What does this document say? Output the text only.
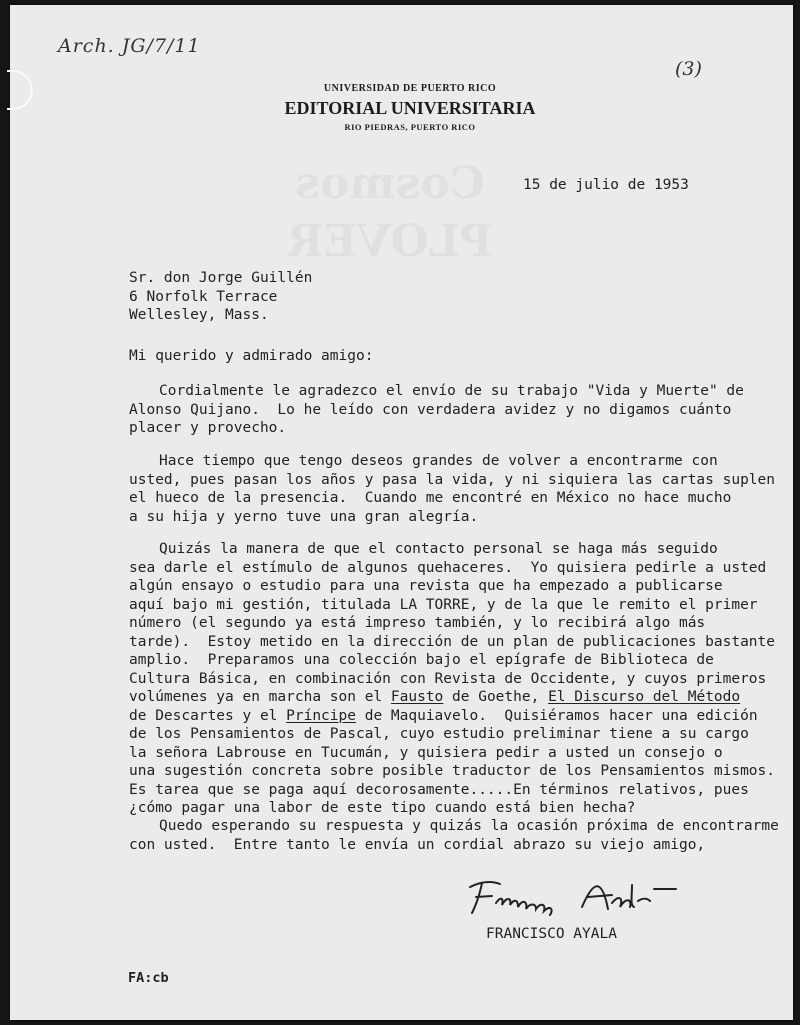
Arch. JG/7/11
(3)
UNIVERSIDAD DE PUERTO RICO
EDITORIAL UNIVERSITARIA
RIO PIEDRAS, PUERTO RICO
15 de julio de 1953
Sr. don Jorge Guillén
6 Norfolk Terrace
Wellesley, Mass.
Mi querido y admirado amigo:
Cordialmente le agradezco el envío de su trabajo "Vida y Muerte" de
Alonso Quijano.  Lo he leído con verdadera avidez y no digamos cuánto
placer y provecho.
Hace tiempo que tengo deseos grandes de volver a encontrarme con
usted, pues pasan los años y pasa la vida, y ni siquiera las cartas suplen
el hueco de la presencia.  Cuando me encontré en México no hace mucho
a su hija y yerno tuve una gran alegría.
Quizás la manera de que el contacto personal se haga más seguido
sea darle el estímulo de algunos quehaceres.  Yo quisiera pedirle a usted
algún ensayo o estudio para una revista que ha empezado a publicarse
aquí bajo mi gestión, titulada LA TORRE, y de la que le remito el primer
número (el segundo ya está impreso también, y lo recibirá algo más
tarde).  Estoy metido en la dirección de un plan de publicaciones bastante
amplio.  Preparamos una colección bajo el epígrafe de Biblioteca de
Cultura Básica, en combinación con Revista de Occidente, y cuyos primeros
volúmenes ya en marcha son el Fausto de Goethe, El Discurso del Método
de Descartes y el Príncipe de Maquiavelo.  Quisiéramos hacer una edición
de los Pensamientos de Pascal, cuyo estudio preliminar tiene a su cargo
la señora Labrouse en Tucumán, y quisiera pedir a usted un consejo o
una sugestión concreta sobre posible traductor de los Pensamientos mismos.
Es tarea que se paga aquí decorosamente.....En términos relativos, pues
¿cómo pagar una labor de este tipo cuando está bien hecha?
Quedo esperando su respuesta y quizás la ocasión próxima de encontrarme
con usted.  Entre tanto le envía un cordial abrazo su viejo amigo,
FRANCISCO AYALA
FA:cb
